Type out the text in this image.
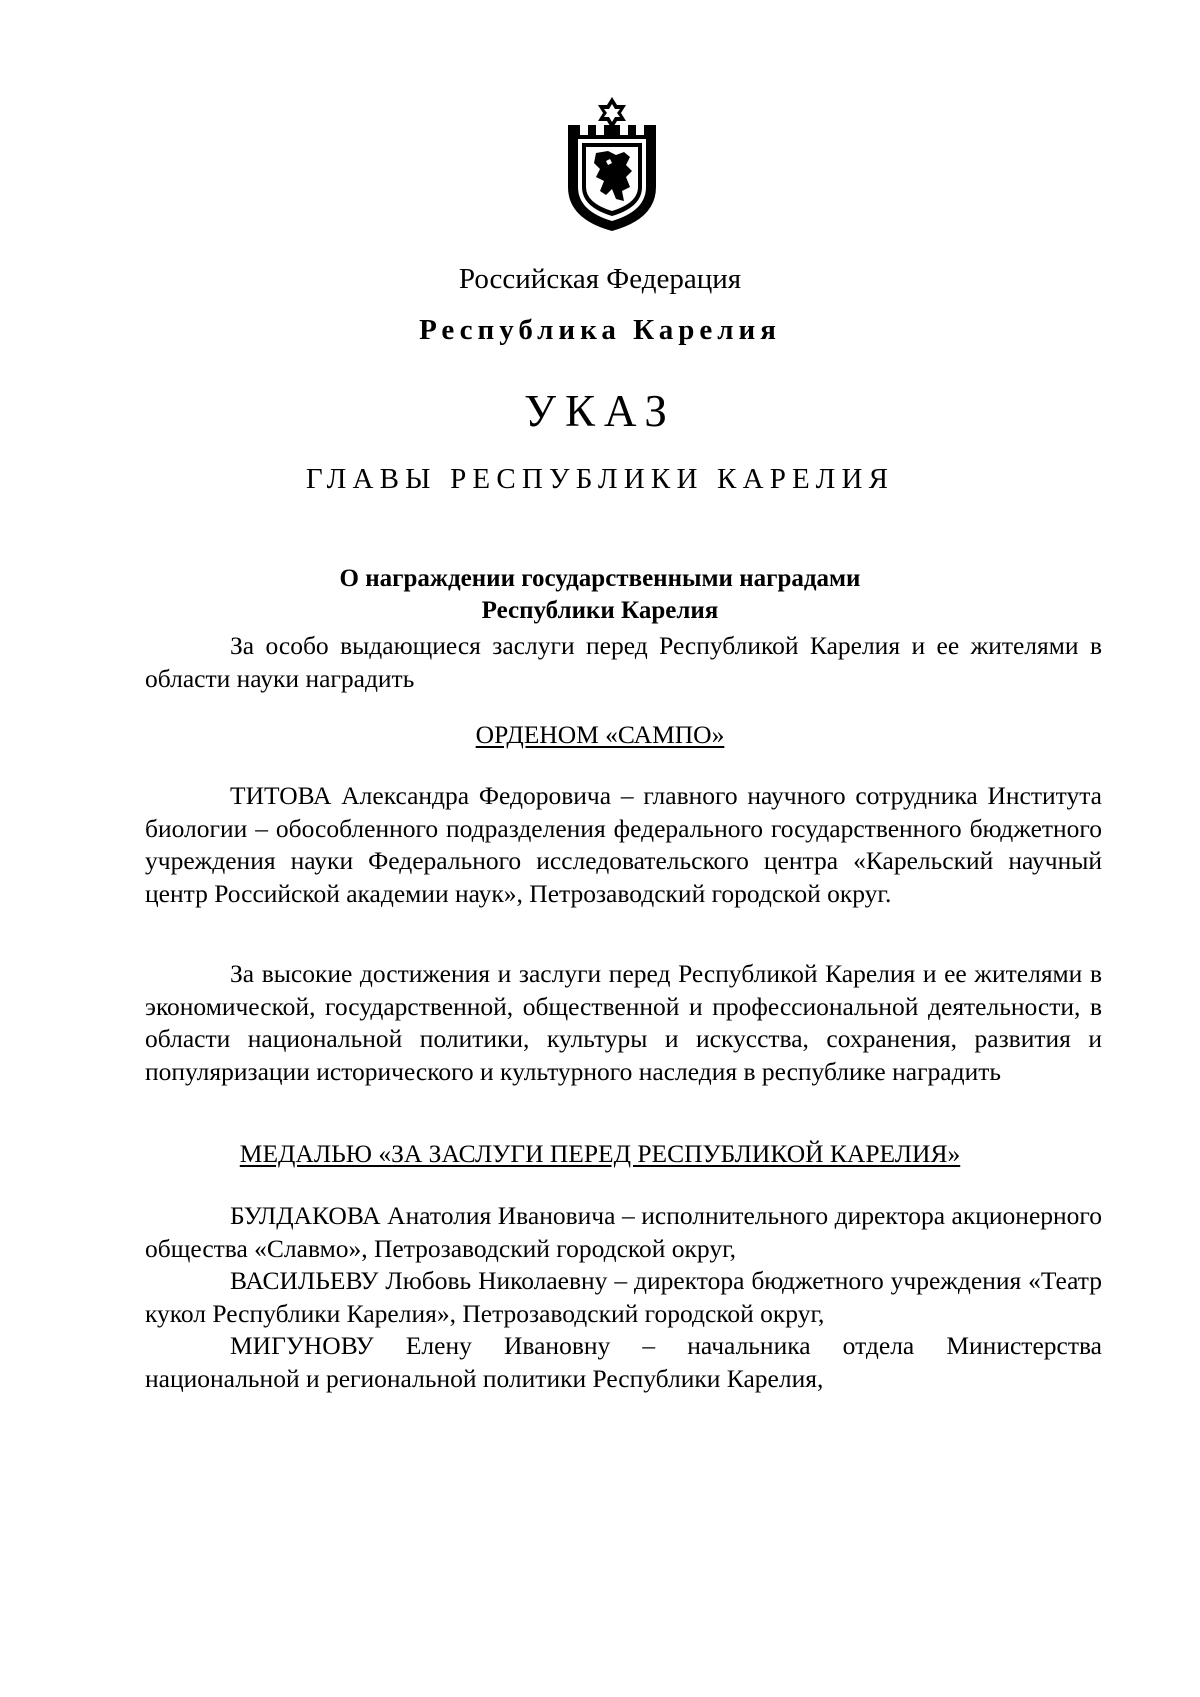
Российская Федерация
Республика Карелия
УКАЗ
ГЛАВЫ РЕСПУБЛИКИ КАРЕЛИЯ
О награждении государственными наградами
Республики Карелия

За особо выдающиеся заслуги перед Республикой Карелия и ее жителями в области науки наградить

ОРДЕНОМ «САМПО»

ТИТОВА Александра Федоровича – главного научного сотрудника Института биологии – обособленного подразделения федерального государственного бюджетного учреждения науки Федерального исследовательского центра «Карельский научный центр Российской академии наук», Петрозаводский городской округ.

За высокие достижения и заслуги перед Республикой Карелия и ее жителями в экономической, государственной, общественной и профессиональной деятельности, в области национальной политики, культуры и искусства, сохранения, развития и популяризации исторического и культурного наследия в республике наградить

МЕДАЛЬЮ «ЗА ЗАСЛУГИ ПЕРЕД РЕСПУБЛИКОЙ КАРЕЛИЯ»

БУЛДАКОВА Анатолия Ивановича – исполнительного директора акционерного общества «Славмо», Петрозаводский городской округ,

ВАСИЛЬЕВУ Любовь Николаевну – директора бюджетного учреждения «Театр кукол Республики Карелия», Петрозаводский городской округ,

МИГУНОВУ Елену Ивановну – начальника отдела Министерства национальной и региональной политики Республики Карелия,
